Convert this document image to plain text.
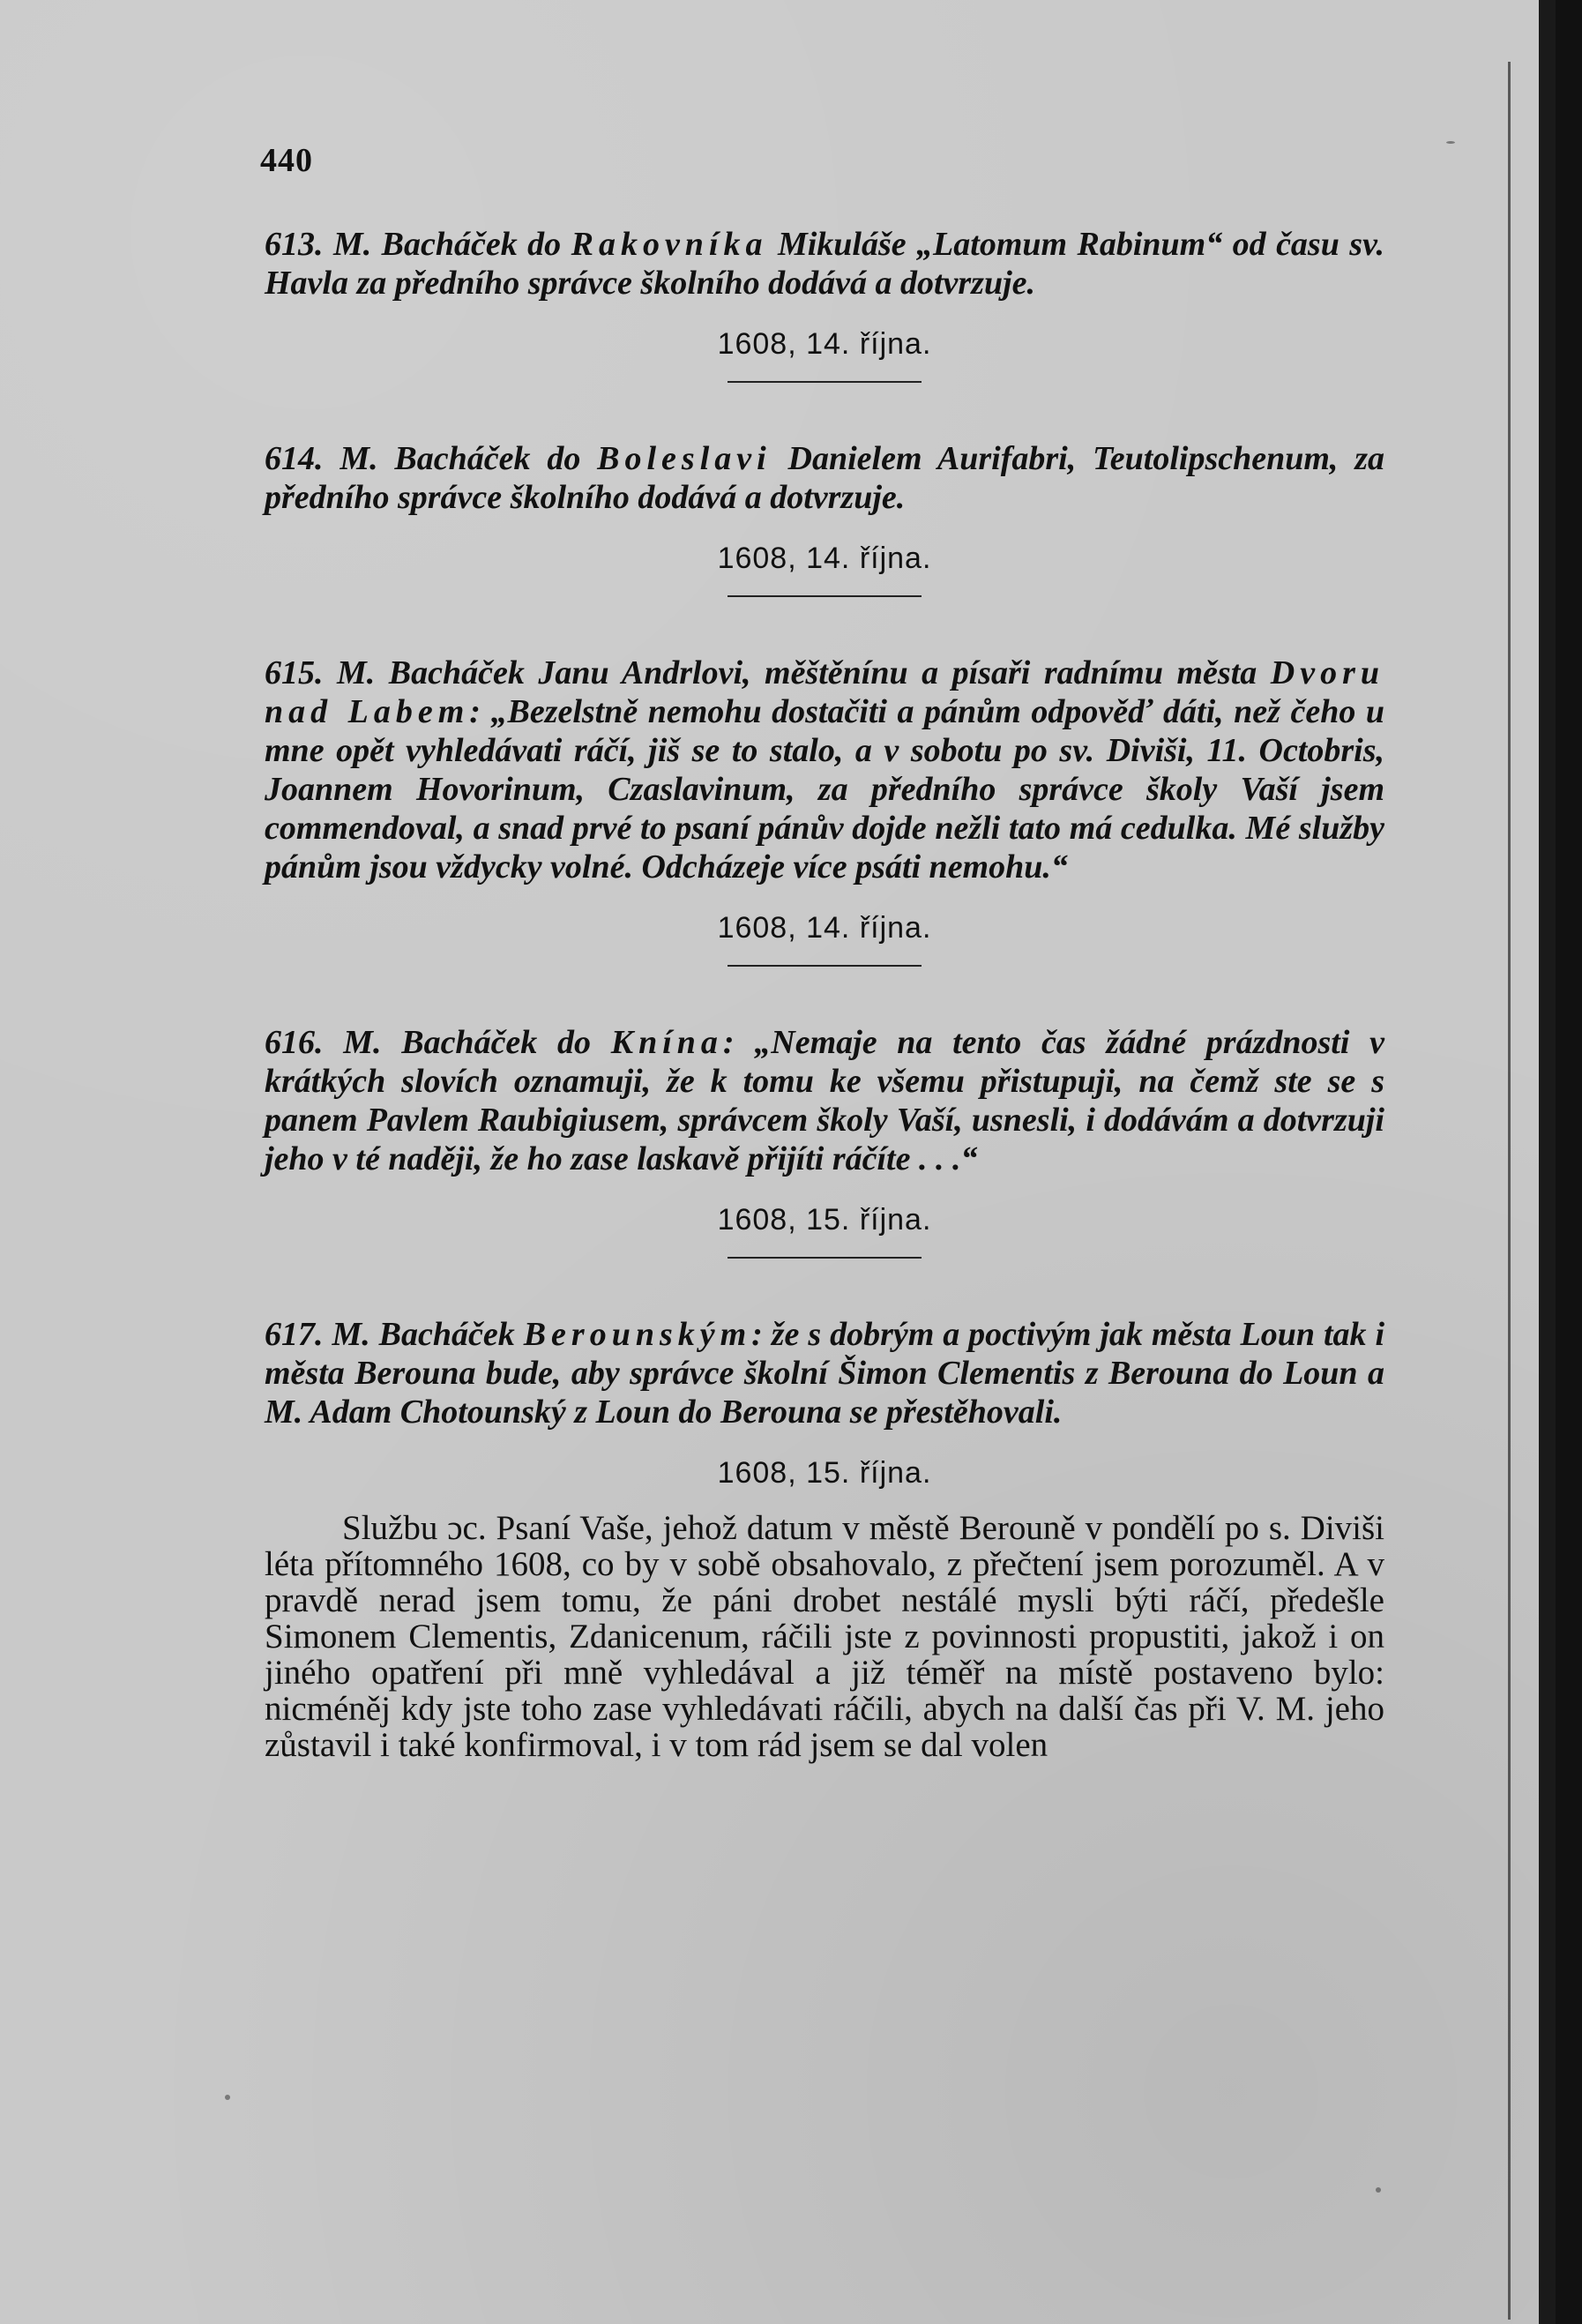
440

613. M. Bacháček do Rakovníka Mikuláše „Latomum Rabinum“ od času sv. Havla za předního správce školního dodává a dotvrzuje.

1608, 14. října.

614. M. Bacháček do Boleslavi Danielem Aurifabri, Teutolipschenum, za předního správce školního dodává a dotvrzuje.

1608, 14. října.

615. M. Bacháček Janu Andrlovi, měštěnínu a písaři radnímu města Dvoru nad Labem: „Bezelstně nemohu dostačiti a pánům odpověď dáti, než čeho u mne opět vyhledávati ráčí, jiš se to stalo, a v sobotu po sv. Diviši, 11. Octobris, Joannem Hovorinum, Czaslavinum, za předního správce školy Vaší jsem commendoval, a snad prvé to psaní pánův dojde nežli tato má cedulka. Mé služby pánům jsou vždycky volné. Odcházeje více psáti nemohu.“

1608, 14. října.

616. M. Bacháček do Knína: „Nemaje na tento čas žádné prázdnosti v krátkých slovích oznamuji, že k tomu ke všemu přistupuji, na čemž ste se s panem Pavlem Raubigiusem, správcem školy Vaší, usnesli, i dodávám a dotvrzuji jeho v té naději, že ho zase laskavě přijíti ráčíte . . .“

1608, 15. října.

617. M. Bacháček Berounským: že s dobrým a poctivým jak města Loun tak i města Berouna bude, aby správce školní Šimon Clementis z Berouna do Loun a M. Adam Chotounský z Loun do Berouna se přestěhovali.

1608, 15. října.

Službu ɔc. Psaní Vaše, jehož datum v městě Berouně v pondělí po s. Diviši léta přítomného 1608, co by v sobě obsahovalo, z přečtení jsem porozuměl. A v pravdě nerad jsem tomu, že páni drobet nestálé mysli býti ráčí, předešle Simonem Clementis, Zdanicenum, ráčili jste z povinnosti propustiti, jakož i on jiného opatření při mně vyhledával a již téměř na místě postaveno bylo: nicméněj kdy jste toho zase vyhledávati ráčili, abych na další čas při V. M. jeho zůstavil i také konfirmoval, i v tom rád jsem se dal volen
